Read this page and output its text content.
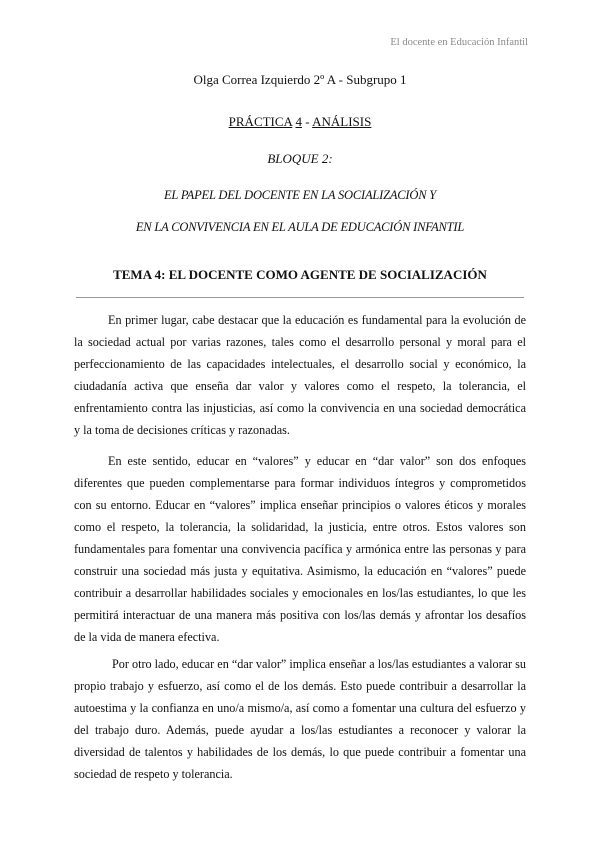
El docente en Educación Infantil
Olga Correa Izquierdo 2º A - Subgrupo 1
PRÁCTICA 4 - ANÁLISIS
BLOQUE 2:
EL PAPEL DEL DOCENTE EN LA SOCIALIZACIÓN Y
EN LA CONVIVENCIA EN EL AULA DE EDUCACIÓN INFANTIL
TEMA 4: EL DOCENTE COMO AGENTE DE SOCIALIZACIÓN

En primer lugar, cabe destacar que la educación es fundamental para la evolución de la sociedad actual por varias razones, tales como el desarrollo personal y moral para el perfeccionamiento de las capacidades intelectuales, el desarrollo social y económico, la ciudadanía activa que enseña dar valor y valores como el respeto, la tolerancia, el enfrentamiento contra las injusticias, así como la convivencia en una sociedad democrática y la toma de decisiones críticas y razonadas.

En este sentido, educar en “valores” y educar en “dar valor” son dos enfoques diferentes que pueden complementarse para formar individuos íntegros y comprometidos con su entorno. Educar en “valores” implica enseñar principios o valores éticos y morales como el respeto, la tolerancia, la solidaridad, la justicia, entre otros. Estos valores son fundamentales para fomentar una convivencia pacífica y armónica entre las personas y para construir una sociedad más justa y equitativa. Asimismo, la educación en “valores” puede contribuir a desarrollar habilidades sociales y emocionales en los/las estudiantes, lo que les permitirá interactuar de una manera más positiva con los/las demás y afrontar los desafíos de la vida de manera efectiva.

Por otro lado, educar en “dar valor” implica enseñar a los/las estudiantes a valorar su propio trabajo y esfuerzo, así como el de los demás. Esto puede contribuir a desarrollar la autoestima y la confianza en uno/a mismo/a, así como a fomentar una cultura del esfuerzo y del trabajo duro. Además, puede ayudar a los/las estudiantes a reconocer y valorar la diversidad de talentos y habilidades de los demás, lo que puede contribuir a fomentar una sociedad de respeto y tolerancia.
